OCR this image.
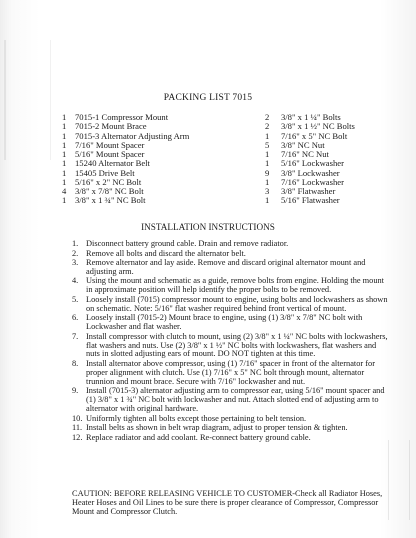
PACKING LIST 7015
1	7015-1 Compressor Mount	2	3/8" x 1 ¼" Bolts
1	7015-2 Mount Brace	2	3/8" x 1 ½" NC Bolts
1	7015-3 Alternator Adjusting Arm	1	7/16" x 5" NC Bolt
1	7/16" Mount Spacer	5	3/8" NC Nut
1	5/16" Mount Spacer	1	7/16" NC Nut
1	15240 Alternator Belt	1	5/16" Lockwasher
1	15405 Drive Belt	9	3/8" Lockwasher
1	5/16" x 2" NC Bolt	1	7/16" Lockwasher
4	3/8" x 7/8" NC Bolt	3	3/8" Flatwasher
1	3/8" x 1 ¾" NC Bolt	1	5/16" Flatwasher
INSTALLATION INSTRUCTIONS
1. Disconnect battery ground cable. Drain and remove radiator.
2. Remove all bolts and discard the alternator belt.
3. Remove alternator and lay aside. Remove and discard original alternator mount and adjusting arm.
4. Using the mount and schematic as a guide, remove bolts from engine. Holding the mount in approximate position will help identify the proper bolts to be removed.
5. Loosely install (7015) compressor mount to engine, using bolts and lockwashers as shown on schematic. Note: 5/16" flat washer required behind front vertical of mount.
6. Loosely install (7015-2) Mount brace to engine, using (1) 3/8" x 7/8" NC bolt with Lockwasher and flat washer.
7. Install compressor with clutch to mount, using (2) 3/8" x 1 ¼" NC bolts with lockwashers, flat washers and nuts. Use (2) 3/8" x 1 ½" NC bolts with lockwashers, flat washers and nuts in slotted adjusting ears of mount. DO NOT tighten at this time.
8. Install alternator above compressor, using (1) 7/16" spacer in front of the alternator for proper alignment with clutch. Use (1) 7/16" x 5" NC bolt through mount, alternator trunnion and mount brace. Secure with 7/16" lockwasher and nut.
9. Install (7015-3) alternator adjusting arm to compressor ear, using 5/16" mount spacer and (1) 3/8" x 1 ¾" NC bolt with lockwasher and nut. Attach slotted end of adjusting arm to alternator with original hardware.
10. Uniformly tighten all bolts except those pertaining to belt tension.
11. Install belts as shown in belt wrap diagram, adjust to proper tension & tighten.
12. Replace radiator and add coolant. Re-connect battery ground cable.
CAUTION: BEFORE RELEASING VEHICLE TO CUSTOMER-Check all Radiator Hoses, Heater Hoses and Oil Lines to be sure there is proper clearance of Compressor, Compressor Mount and Compressor Clutch.
